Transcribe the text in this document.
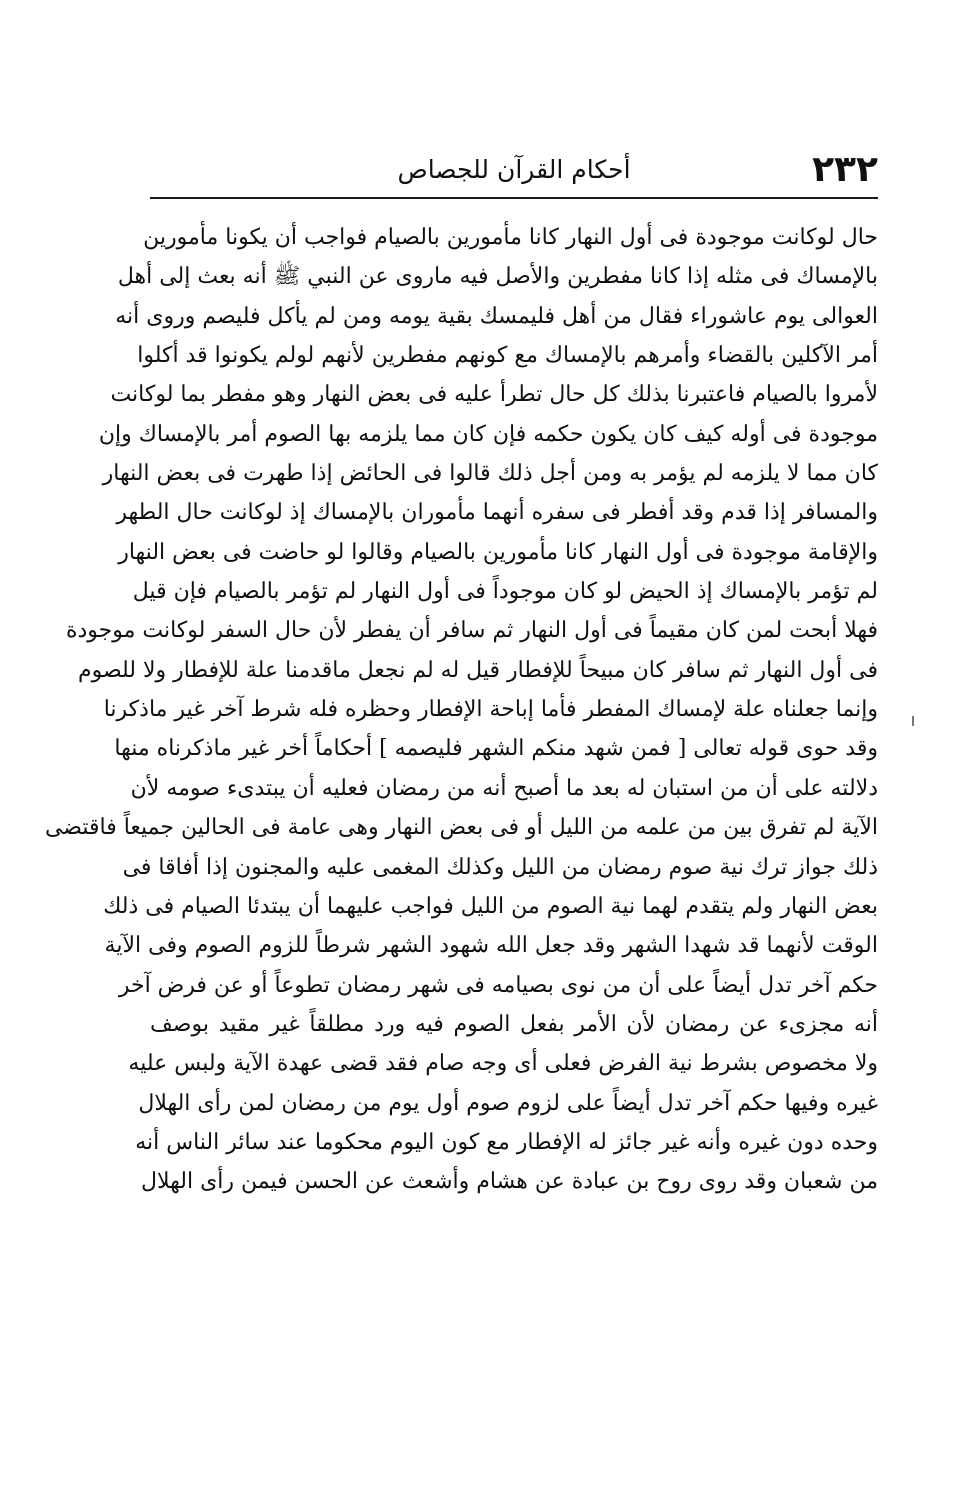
٢٣٢
أحكام القرآن للجصاص
حال لوكانت موجودة فى أول النهار كانا مأمورين بالصيام فواجب أن يكونا مأمورين
بالإمساك فى مثله إذا كانا مفطرين والأصل فيه ماروى عن النبي ﷺ أنه بعث إلى أهل
العوالى يوم عاشوراء فقال من أهل فليمسك بقية يومه ومن لم يأكل فليصم وروى أنه
أمر الآكلين بالقضاء وأمرهم بالإمساك مع كونهم مفطرين لأنهم لولم يكونوا قد أكلوا
لأمروا بالصيام فاعتبرنا بذلك كل حال تطرأ عليه فى بعض النهار وهو مفطر بما لوكانت
موجودة فى أوله كيف كان يكون حكمه فإن كان مما يلزمه بها الصوم أمر بالإمساك وإن
كان مما لا يلزمه لم يؤمر به ومن أجل ذلك قالوا فى الحائض إذا طهرت فى بعض النهار
والمسافر إذا قدم وقد أفطر فى سفره أنهما مأموران بالإمساك إذ لوكانت حال الطهر
والإقامة موجودة فى أول النهار كانا مأمورين بالصيام وقالوا لو حاضت فى بعض النهار
لم تؤمر بالإمساك إذ الحيض لو كان موجوداً فى أول النهار لم تؤمر بالصيام فإن قيل
فهلا أبحت لمن كان مقيماً فى أول النهار ثم سافر أن يفطر لأن حال السفر لوكانت موجودة
فى أول النهار ثم سافر كان مبيحاً للإفطار قيل له لم نجعل ماقدمنا علة للإفطار ولا للصوم
وإنما جعلناه علة لإمساك المفطر فأما إباحة الإفطار وحظره فله شرط آخر غير ماذكرنا
وقد حوى قوله تعالى [ فمن شهد منكم الشهر فليصمه ] أحكاماً أخر غير ماذكرناه منها
دلالته على أن من استبان له بعد ما أصبح أنه من رمضان فعليه أن يبتدىء صومه لأن
الآية لم تفرق بين من علمه من الليل أو فى بعض النهار وهى عامة فى الحالين جميعاً فاقتضى
ذلك جواز ترك نية صوم رمضان من الليل وكذلك المغمى عليه والمجنون إذا أفاقا فى
بعض النهار ولم يتقدم لهما نية الصوم من الليل فواجب عليهما أن يبتدئا الصيام فى ذلك
الوقت لأنهما قد شهدا الشهر وقد جعل الله شهود الشهر شرطاً للزوم الصوم وفى الآية
حكم آخر تدل أيضاً على أن من نوى بصيامه فى شهر رمضان تطوعاً أو عن فرض آخر
أنه مجزىء عن رمضان لأن الأمر بفعل الصوم فيه ورد مطلقاً غير مقيد بوصف
ولا مخصوص بشرط نية الفرض فعلى أى وجه صام فقد قضى عهدة الآية ولبس عليه
غيره وفيها حكم آخر تدل أيضاً على لزوم صوم أول يوم من رمضان لمن رأى الهلال
وحده دون غيره وأنه غير جائز له الإفطار مع كون اليوم محكوما عند سائر الناس أنه
من شعبان وقد روى روح بن عبادة عن هشام وأشعث عن الحسن فيمن رأى الهلال
